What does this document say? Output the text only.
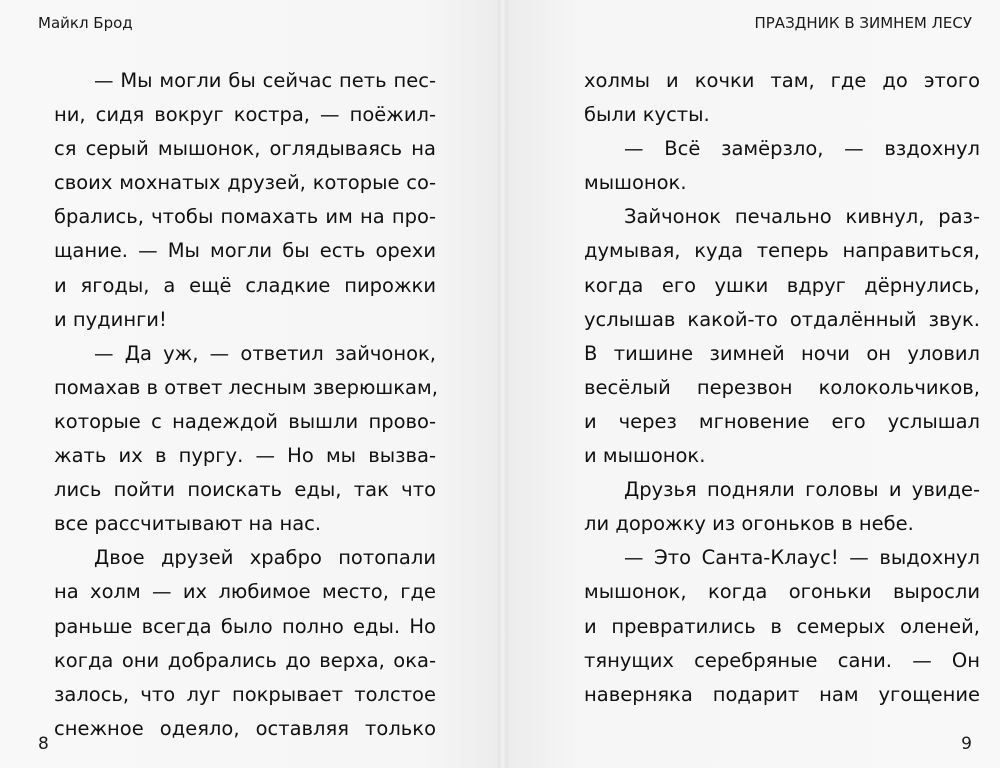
Майкл Брод
— Мы могли бы сейчас петь пес-
ни, сидя вокруг костра, — поёжил-
ся серый мышонок, оглядываясь на
своих мохнатых друзей, которые со-
брались, чтобы помахать им на про-
щание. — Мы могли бы есть орехи
и ягоды, а ещё сладкие пирожки
и пудинги!
— Да уж, — ответил зайчонок,
помахав в ответ лесным зверюшкам,
которые с надеждой вышли прово-
жать их в пургу. — Но мы вызва-
лись пойти поискать еды, так что
все рассчитывают на нас.
Двое друзей храбро потопали
на холм — их любимое место, где
раньше всегда было полно еды. Но
когда они добрались до верха, ока-
залось, что луг покрывает толстое
снежное одеяло, оставляя только
8
ПРАЗДНИК В ЗИМНЕМ ЛЕСУ
холмы и кочки там, где до этого
были кусты.
— Всё замёрзло, — вздохнул
мышонок.
Зайчонок печально кивнул, раз-
думывая, куда теперь направиться,
когда его ушки вдруг дёрнулись,
услышав какой-то отдалённый звук.
В тишине зимней ночи он уловил
весёлый перезвон колокольчиков,
и через мгновение его услышал
и мышонок.
Друзья подняли головы и увиде-
ли дорожку из огоньков в небе.
— Это Санта-Клаус! — выдохнул
мышонок, когда огоньки выросли
и превратились в семерых оленей,
тянущих серебряные сани. — Он
наверняка подарит нам угощение
9
